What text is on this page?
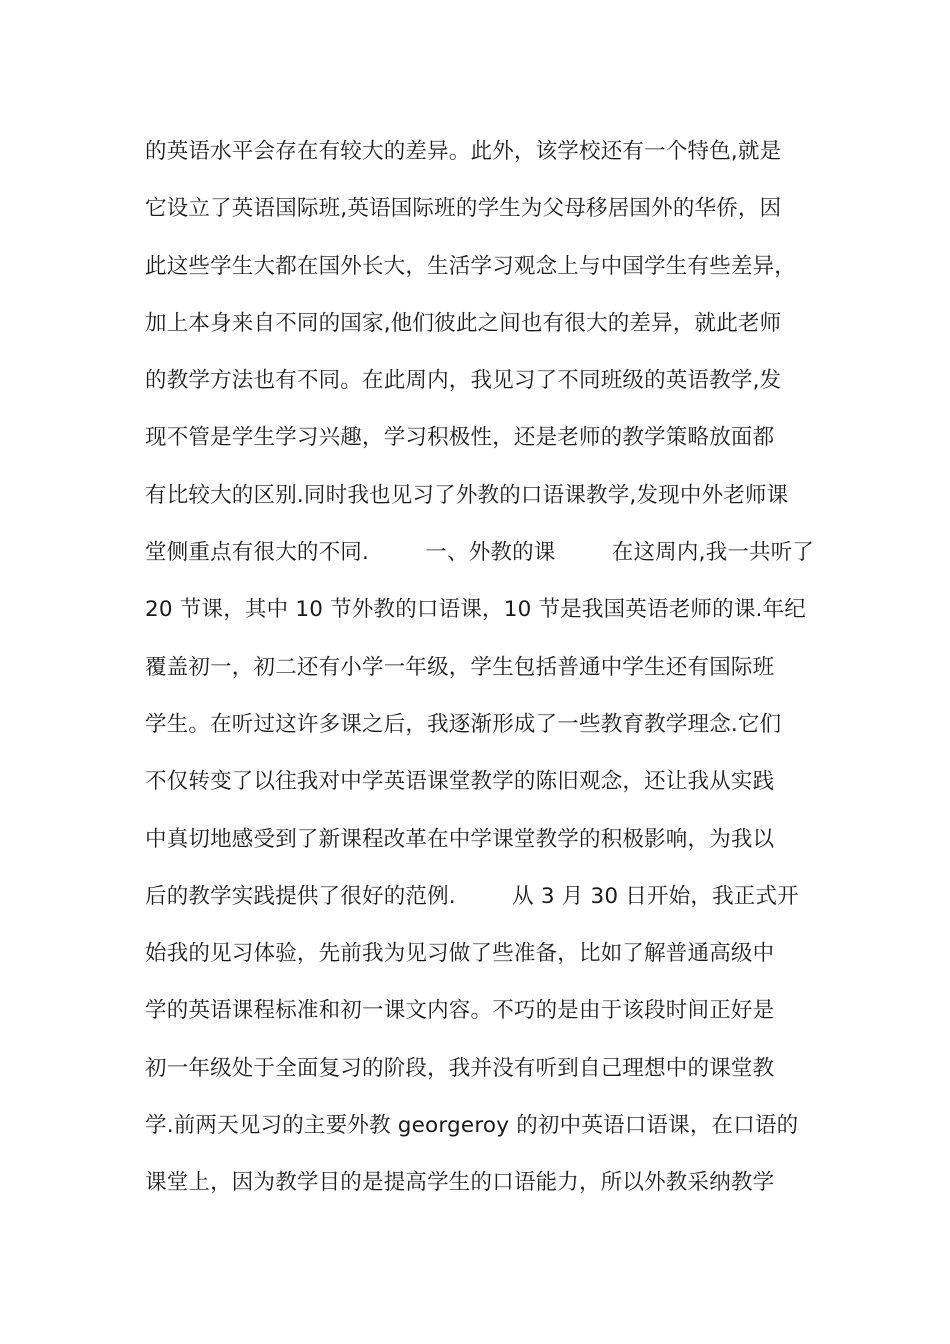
的英语水平会存在有较大的差异。此外，该学校还有一个特色,就是
它设立了英语国际班,英语国际班的学生为父母移居国外的华侨，因
此这些学生大都在国外长大，生活学习观念上与中国学生有些差异，
加上本身来自不同的国家,他们彼此之间也有很大的差异，就此老师
的教学方法也有不同。在此周内，我见习了不同班级的英语教学,发
现不管是学生学习兴趣，学习积极性，还是老师的教学策略放面都
有比较大的区别.同时我也见习了外教的口语课教学,发现中外老师课
堂侧重点有很大的不同.        一、外教的课        在这周内,我一共听了
20 节课，其中 10 节外教的口语课，10 节是我国英语老师的课.年纪
覆盖初一，初二还有小学一年级，学生包括普通中学生还有国际班
学生。在听过这许多课之后，我逐渐形成了一些教育教学理念.它们
不仅转变了以往我对中学英语课堂教学的陈旧观念，还让我从实践
中真切地感受到了新课程改革在中学课堂教学的积极影响，为我以
后的教学实践提供了很好的范例.        从 3 月 30 日开始，我正式开
始我的见习体验，先前我为见习做了些准备，比如了解普通高级中
学的英语课程标准和初一课文内容。不巧的是由于该段时间正好是
初一年级处于全面复习的阶段，我并没有听到自己理想中的课堂教
学.前两天见习的主要外教 georgeroy 的初中英语口语课，在口语的
课堂上，因为教学目的是提高学生的口语能力，所以外教采纳教学
